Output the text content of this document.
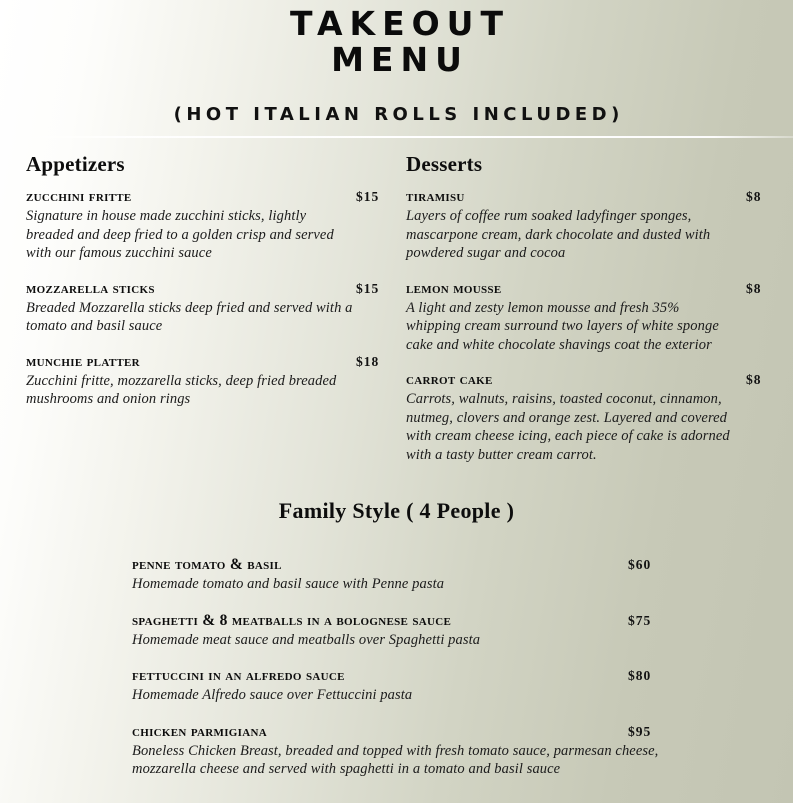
TAKEOUT
MENU
(HOT ITALIAN ROLLS INCLUDED)
Appetizers
zucchini fritte	$15

Signature in house made zucchini sticks, lightly breaded and deep fried to a golden crisp and served with our famous zucchini sauce

mozzarella sticks	$15

Breaded Mozzarella sticks deep fried and served with a tomato and basil sauce

munchie platter	$18

Zucchini fritte, mozzarella sticks, deep fried breaded mushrooms and onion rings

Desserts
tiramisu	$8

Layers of coffee rum soaked ladyfinger sponges, mascarpone cream, dark chocolate and dusted with powdered sugar and cocoa

lemon mousse	$8

A light and zesty lemon mousse and fresh 35% whipping cream surround two layers of white sponge cake and white chocolate shavings coat the exterior

carrot cake	$8

Carrots, walnuts, raisins, toasted coconut, cinnamon, nutmeg, clovers and orange zest. Layered and covered with cream cheese icing, each piece of cake is adorned with a tasty butter cream carrot.

Family Style ( 4 People )
penne tomato & basil	$60

Homemade tomato and basil sauce with Penne pasta

spaghetti & 8 meatballs in a bolognese sauce	$75

Homemade meat sauce and meatballs over Spaghetti pasta

fettuccini in an alfredo sauce	$80

Homemade Alfredo sauce over Fettuccini pasta

chicken parmigiana	$95

Boneless Chicken Breast, breaded and topped with fresh tomato sauce, parmesan cheese, mozzarella cheese and served with spaghetti in a tomato and basil sauce
